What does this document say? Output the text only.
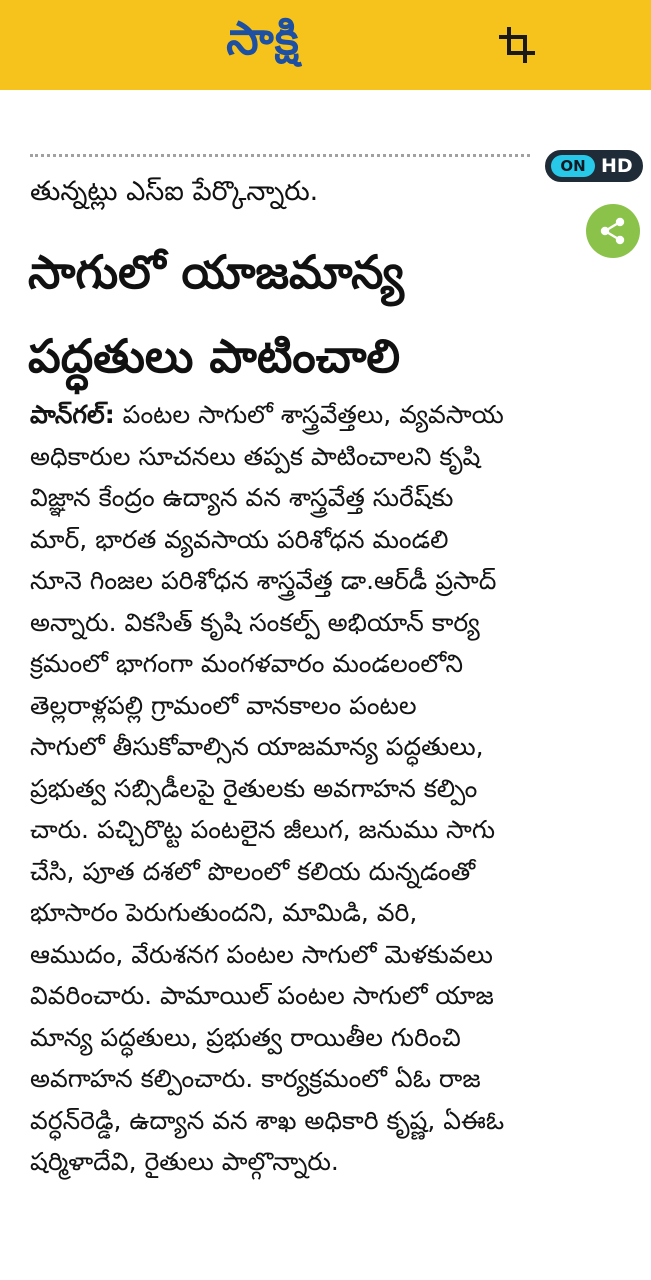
సాక్షి
తున్నట్లు ఎస్ఐ పేర్కొన్నారు.
ON HD
సాగులో యాజమాన్య
పద్ధతులు పాటించాలి
పాన్‌గల్: పంటల సాగులో శాస్త్రవేత్తలు, వ్యవసాయ
అధికారుల సూచనలు తప్పక పాటించాలని కృషి
విజ్ఞాన కేంద్రం ఉద్యాన వన శాస్త్రవేత్త సురేష్‌కు
మార్, భారత వ్యవసాయ పరిశోధన మండలి
నూనె గింజల పరిశోధన శాస్త్రవేత్త డా.ఆర్‌డీ ప్రసాద్
అన్నారు. వికసిత్ కృషి సంకల్ప్ అభియాన్ కార్య
క్రమంలో భాగంగా మంగళవారం మండలంలోని
తెల్లరాళ్లపల్లి గ్రామంలో వానకాలం పంటల
సాగులో తీసుకోవాల్సిన యాజమాన్య పద్ధతులు,
ప్రభుత్వ సబ్సిడీలపై రైతులకు అవగాహన కల్పిం
చారు. పచ్చిరొట్ట పంటలైన జీలుగ, జనుము సాగు
చేసి, పూత దశలో పొలంలో కలియ దున్నడంతో
భూసారం పెరుగుతుందని, మామిడి, వరి,
ఆముదం, వేరుశనగ పంటల సాగులో మెళకువలు
వివరించారు. పామాయిల్ పంటల సాగులో యాజ
మాన్య పద్ధతులు, ప్రభుత్వ రాయితీల గురించి
అవగాహన కల్పించారు. కార్యక్రమంలో ఏఓ రాజ
వర్ధన్‌రెడ్డి, ఉద్యాన వన శాఖ అధికారి కృష్ణ, ఏఈఓ
షర్మిళాదేవి, రైతులు పాల్గొన్నారు.
